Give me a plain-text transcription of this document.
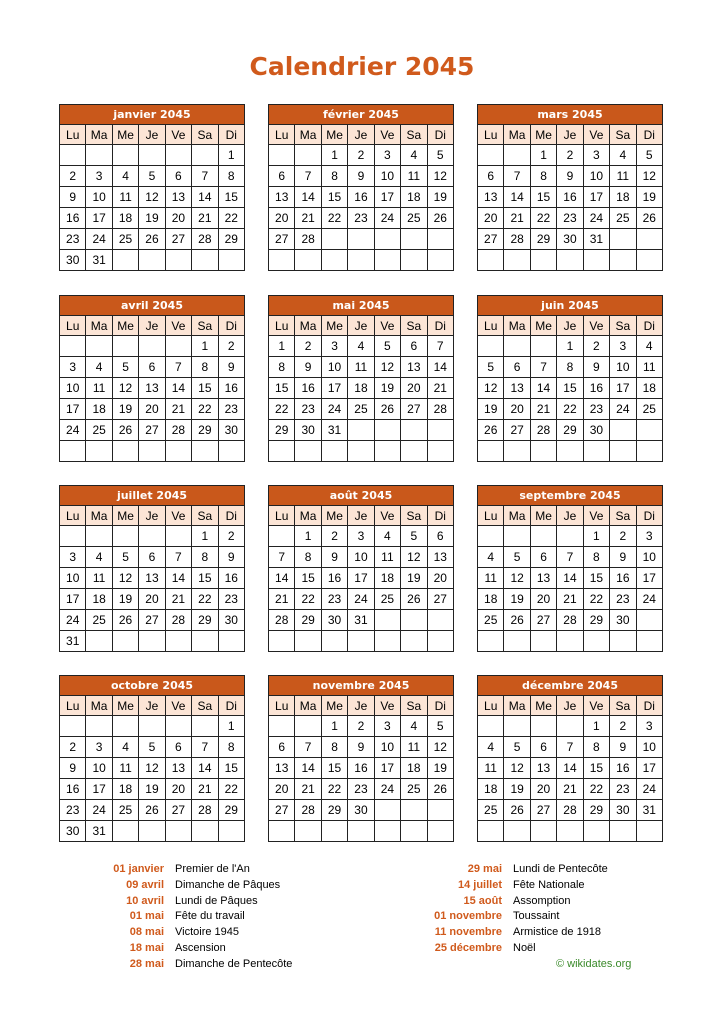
Calendrier 2045
janvier 2045						
Lu	Ma	Me	Je	Ve	Sa	Di
						1
2	3	4	5	6	7	8
9	10	11	12	13	14	15
16	17	18	19	20	21	22
23	24	25	26	27	28	29
30	31					
février 2045						
Lu	Ma	Me	Je	Ve	Sa	Di
		1	2	3	4	5
6	7	8	9	10	11	12
13	14	15	16	17	18	19
20	21	22	23	24	25	26
27	28					

mars 2045						
Lu	Ma	Me	Je	Ve	Sa	Di
		1	2	3	4	5
6	7	8	9	10	11	12
13	14	15	16	17	18	19
20	21	22	23	24	25	26
27	28	29	30	31		

avril 2045						
Lu	Ma	Me	Je	Ve	Sa	Di
					1	2
3	4	5	6	7	8	9
10	11	12	13	14	15	16
17	18	19	20	21	22	23
24	25	26	27	28	29	30

mai 2045						
Lu	Ma	Me	Je	Ve	Sa	Di
1	2	3	4	5	6	7
8	9	10	11	12	13	14
15	16	17	18	19	20	21
22	23	24	25	26	27	28
29	30	31				

juin 2045						
Lu	Ma	Me	Je	Ve	Sa	Di
			1	2	3	4
5	6	7	8	9	10	11
12	13	14	15	16	17	18
19	20	21	22	23	24	25
26	27	28	29	30		

juillet 2045						
Lu	Ma	Me	Je	Ve	Sa	Di
					1	2
3	4	5	6	7	8	9
10	11	12	13	14	15	16
17	18	19	20	21	22	23
24	25	26	27	28	29	30
31						
août 2045						
Lu	Ma	Me	Je	Ve	Sa	Di
	1	2	3	4	5	6
7	8	9	10	11	12	13
14	15	16	17	18	19	20
21	22	23	24	25	26	27
28	29	30	31			

septembre 2045						
Lu	Ma	Me	Je	Ve	Sa	Di
				1	2	3
4	5	6	7	8	9	10
11	12	13	14	15	16	17
18	19	20	21	22	23	24
25	26	27	28	29	30	

octobre 2045						
Lu	Ma	Me	Je	Ve	Sa	Di
						1
2	3	4	5	6	7	8
9	10	11	12	13	14	15
16	17	18	19	20	21	22
23	24	25	26	27	28	29
30	31					
novembre 2045						
Lu	Ma	Me	Je	Ve	Sa	Di
		1	2	3	4	5
6	7	8	9	10	11	12
13	14	15	16	17	18	19
20	21	22	23	24	25	26
27	28	29	30			

décembre 2045						
Lu	Ma	Me	Je	Ve	Sa	Di
				1	2	3
4	5	6	7	8	9	10
11	12	13	14	15	16	17
18	19	20	21	22	23	24
25	26	27	28	29	30	31

01 janvier	Premier de l'An
09 avril	Dimanche de Pâques
10 avril	Lundi de Pâques
01 mai	Fête du travail
08 mai	Victoire 1945
18 mai	Ascension
28 mai	Dimanche de Pentecôte
29 mai	Lundi de Pentecôte
14 juillet	Fête Nationale
15 août	Assomption
01 novembre	Toussaint
11 novembre	Armistice de 1918
25 décembre	Noël
© wikidates.org
